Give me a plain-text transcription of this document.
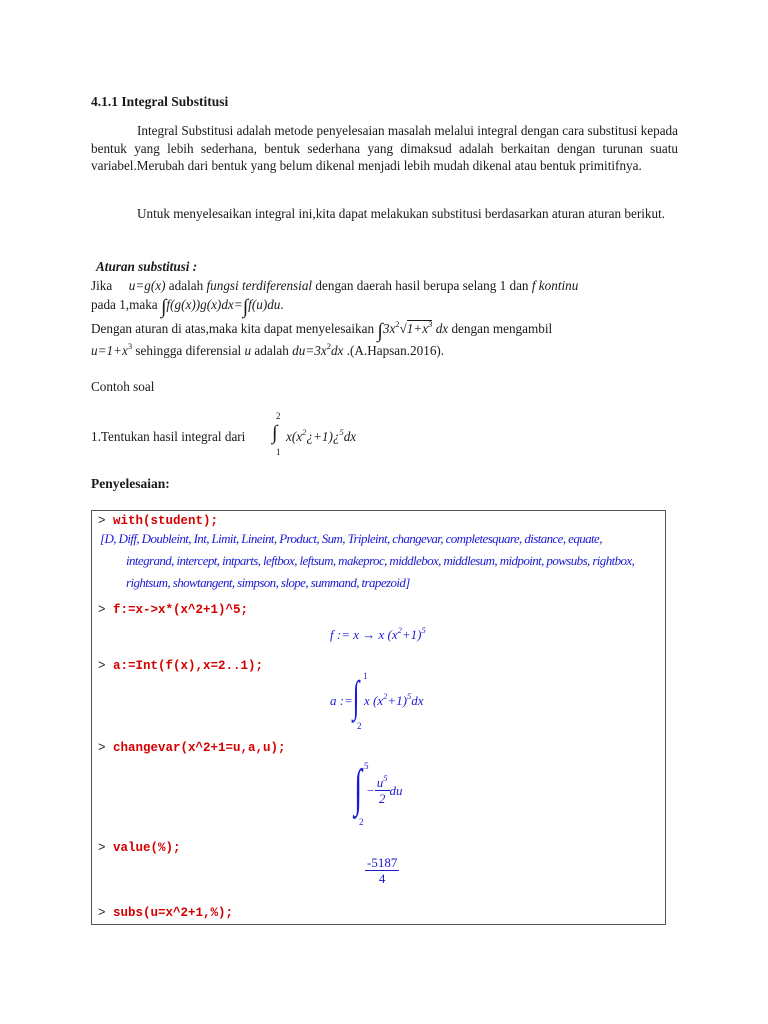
4.1.1 Integral Substitusi
Integral Substitusi adalah metode penyelesaian masalah melalui integral dengan cara substitusi kepada bentuk yang lebih sederhana, bentuk sederhana yang dimaksud adalah berkaitan dengan turunan suatu variabel.Merubah dari bentuk yang belum dikenal menjadi lebih mudah dikenal atau bentuk primitifnya.
Untuk menyelesaikan integral ini,kita dapat melakukan substitusi berdasarkan aturan aturan berikut.
Aturan substitusi :
Jika u=g(x) adalah fungsi terdiferensial dengan daerah hasil berupa selang 1 dan f kontinu
pada 1,maka ∫f(g(x))g(x)dx=∫f(u)du.
Dengan aturan di atas,maka kita dapat menyelesaikan $\int 3x^2√1+x^3$ dx dengan mengambil
$u=1+x^3$ sehingga diferensial u adalah $du=3x^2dx$ .(A.Hapsan.2016).
Contoh soal
1.Tentukan hasil integral dari
2
∫
1
$x(x^2¿+1)¿^5dx$
Penyelesaian:
> with(student);
[D, Diff, Doubleint, Int, Limit, Lineint, Product, Sum, Tripleint, changevar, completesquare, distance, equate,
integrand, intercept, intparts, leftbox, leftsum, makeproc, middlebox, middlesum, midpoint, powsubs, rightbox,
rightsum, showtangent, simpson, slope, summand, trapezoid]
> f:=x->x*(x^2+1)^5;
f := x → x $(x^2+1)^5$
> a:=Int(f(x),x=2..1);
a :=
1
∫
2
x $(x^2+1)^5dx$
> changevar(x^2+1=u,a,u);
5
∫
2
− $\frac{u^5}{2}$ du
> value(%);
$\frac{-5187}{4}$
> subs(u=x^2+1,%);
